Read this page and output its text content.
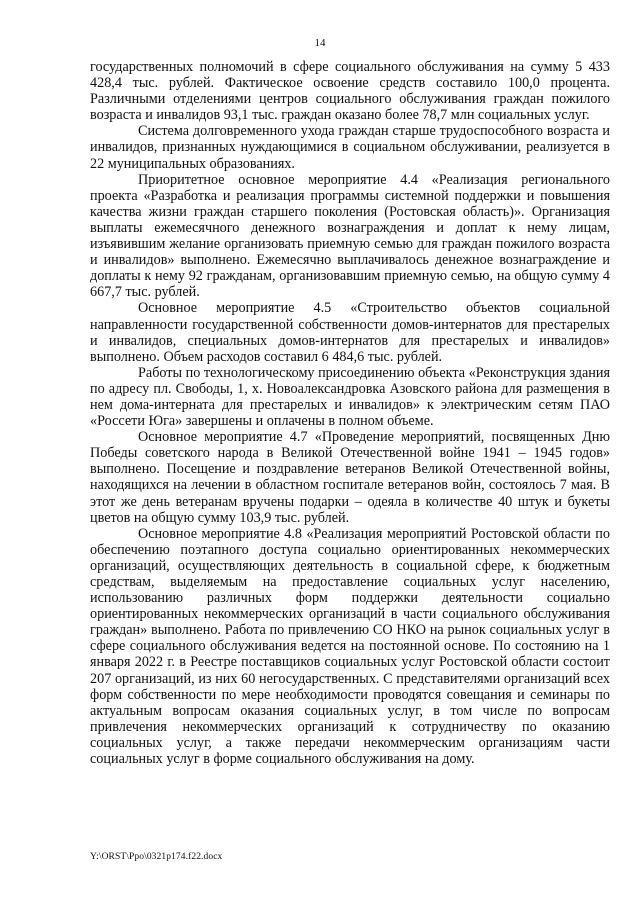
14

государственных полномочий в сфере социального обслуживания на сумму 5 433 428,4 тыс. рублей. Фактическое освоение средств составило 100,0 процента. Различными отделениями центров социального обслуживания граждан пожилого возраста и инвалидов 93,1 тыс. граждан оказано более 78,7 млн социальных услуг.

Система долговременного ухода граждан старше трудоспособного возраста и инвалидов, признанных нуждающимися в социальном обслуживании, реализуется в 22 муниципальных образованиях.

Приоритетное основное мероприятие 4.4 «Реализация регионального проекта «Разработка и реализация программы системной поддержки и повышения качества жизни граждан старшего поколения (Ростовская область)». Организация выплаты ежемесячного денежного вознаграждения и доплат к нему лицам, изъявившим желание организовать приемную семью для граждан пожилого возраста и инвалидов» выполнено. Ежемесячно выплачивалось денежное вознаграждение и доплаты к нему 92 гражданам, организовавшим приемную семью, на общую сумму 4 667,7 тыс. рублей.

Основное мероприятие 4.5 «Строительство объектов социальной направленности государственной собственности домов-интернатов для престарелых и инвалидов, специальных домов-интернатов для престарелых и инвалидов» выполнено. Объем расходов составил 6 484,6 тыс. рублей.

Работы по технологическому присоединению объекта «Реконструкция здания по адресу пл. Свободы, 1, х. Новоалександровка Азовского района для размещения в нем дома-интерната для престарелых и инвалидов» к электрическим сетям ПАО «Россети Юга» завершены и оплачены в полном объеме.

Основное мероприятие 4.7 «Проведение мероприятий, посвященных Дню Победы советского народа в Великой Отечественной войне 1941 – 1945 годов» выполнено. Посещение и поздравление ветеранов Великой Отечественной войны, находящихся на лечении в областном госпитале ветеранов войн, состоялось 7 мая. В этот же день ветеранам вручены подарки – одеяла в количестве 40 штук и букеты цветов на общую сумму 103,9 тыс. рублей.

Основное мероприятие 4.8 «Реализация мероприятий Ростовской области по обеспечению поэтапного доступа социально ориентированных некоммерческих организаций, осуществляющих деятельность в социальной сфере, к бюджетным средствам, выделяемым на предоставление социальных услуг населению, использованию различных форм поддержки деятельности социально ориентированных некоммерческих организаций в части социального обслуживания граждан» выполнено. Работа по привлечению СО НКО на рынок социальных услуг в сфере социального обслуживания ведется на постоянной основе. По состоянию на 1 января 2022 г. в Реестре поставщиков социальных услуг Ростовской области состоит 207 организаций, из них 60 негосударственных. С представителями организаций всех форм собственности по мере необходимости проводятся совещания и семинары по актуальным вопросам оказания социальных услуг, в том числе по вопросам привлечения некоммерческих организаций к сотрудничеству по оказанию социальных услуг, а также передачи некоммерческим организациям части социальных услуг в форме социального обслуживания на дому.

Y:\ORST\Ppo\0321p174.f22.docx
